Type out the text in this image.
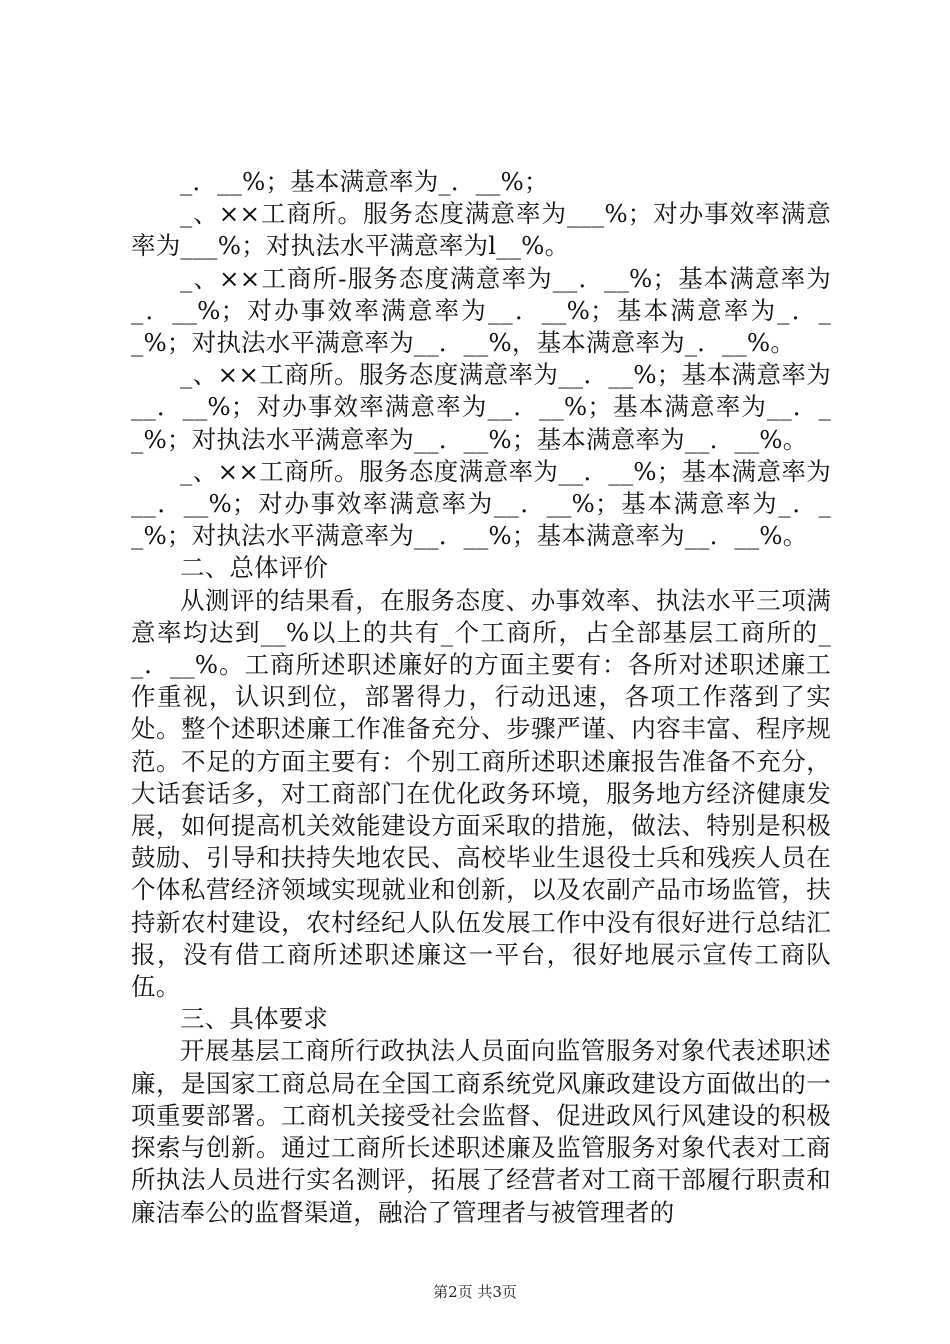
_．__%；基本满意率为_．__%；

_、××工商所。服务态度满意率为___%；对办事效率满意率为___%；对执法水平满意率为l__%。

_、××工商所-服务态度满意率为__．__%；基本满意率为_．__%；对办事效率满意率为__．__%；基本满意率为_．__%；对执法水平满意率为__．__%，基本满意率为_．__%。

_、××工商所。服务态度满意率为__．__%；基本满意率为__．__%；对办事效率满意率为__．__%；基本满意率为__．__%；对执法水平满意率为__．__%；基本满意率为__．__%。

_、××工商所。服务态度满意率为__．__%；基本满意率为__．__%；对办事效率满意率为__．__%；基本满意率为_．__%；对执法水平满意率为__．__%；基本满意率为__．__%。

二、总体评价

从测评的结果看，在服务态度、办事效率、执法水平三项满意率均达到__%以上的共有_个工商所，占全部基层工商所的__．__%。工商所述职述廉好的方面主要有：各所对述职述廉工作重视，认识到位，部署得力，行动迅速，各项工作落到了实处。整个述职述廉工作准备充分、步骤严谨、内容丰富、程序规范。不足的方面主要有：个别工商所述职述廉报告准备不充分，大话套话多，对工商部门在优化政务环境，服务地方经济健康发展，如何提高机关效能建设方面采取的措施，做法、特别是积极鼓励、引导和扶持失地农民、高校毕业生退役士兵和残疾人员在个体私营经济领域实现就业和创新，以及农副产品市场监管，扶持新农村建设，农村经纪人队伍发展工作中没有很好进行总结汇报，没有借工商所述职述廉这一平台，很好地展示宣传工商队伍。

三、具体要求

开展基层工商所行政执法人员面向监管服务对象代表述职述廉，是国家工商总局在全国工商系统党风廉政建设方面做出的一项重要部署。工商机关接受社会监督、促进政风行风建设的积极探索与创新。通过工商所长述职述廉及监管服务对象代表对工商所执法人员进行实名测评，拓展了经营者对工商干部履行职责和廉洁奉公的监督渠道，融洽了管理者与被管理者的

第2页 共3页
